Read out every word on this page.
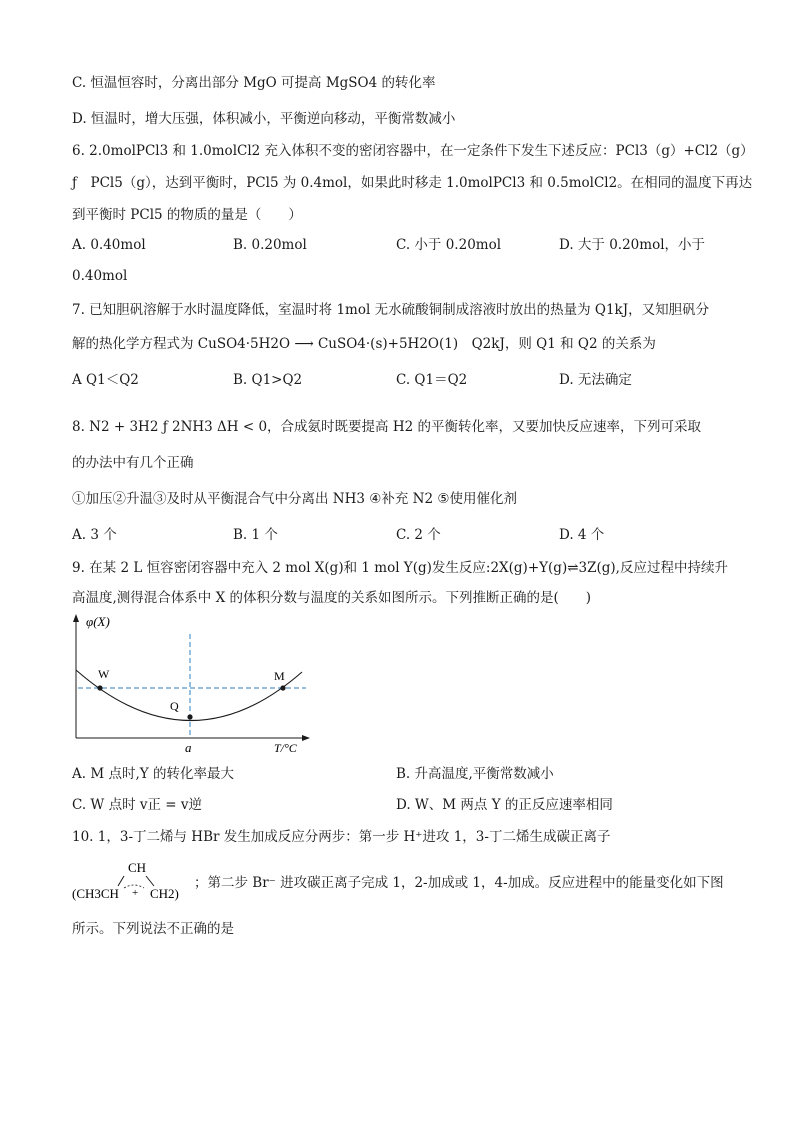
C. 恒温恒容时，分离出部分 MgO 可提高 MgSO4 的转化率
D. 恒温时，增大压强，体积减小，平衡逆向移动，平衡常数减小
6. 2.0molPCl3 和 1.0molCl2 充入体积不变的密闭容器中，在一定条件下发生下述反应：PCl3（g）+Cl2（g）
ƒ　PCl5（g），达到平衡时，PCl5 为 0.4mol，如果此时移走 1.0molPCl3 和 0.5molCl2。在相同的温度下再达
到平衡时 PCl5 的物质的量是（　　）
A. 0.40mol	B. 0.20mol	C. 小于 0.20mol	D. 大于 0.20mol，小于
0.40mol
7. 已知胆矾溶解于水时温度降低，室温时将 1mol 无水硫酸铜制成溶液时放出的热量为 Q1kJ，又知胆矾分
解的热化学方程式为 CuSO4·5H2O ⟶ CuSO4·(s)+5H2O(1)　Q2kJ，则 Q1 和 Q2 的关系为
A Q1＜Q2	B. Q1>Q2	C. Q1＝Q2	D. 无法确定
8. N2 + 3H2 ƒ 2NH3 ΔH < 0，合成氨时既要提高 H2 的平衡转化率，又要加快反应速率，下列可采取
的办法中有几个正确
①加压②升温③及时从平衡混合气中分离出 NH3 ④补充 N2 ⑤使用催化剂
A. 3 个	B. 1 个	C. 2 个	D. 4 个
9. 在某 2 L 恒容密闭容器中充入 2 mol X(g)和 1 mol Y(g)发生反应:2X(g)+Y(g)⇌3Z(g),反应过程中持续升
高温度,测得混合体系中 X 的体积分数与温度的关系如图所示。下列推断正确的是(　　)
φ(X)
W
Q
M
a	T/°C
A. M 点时,Y 的转化率最大	B. 升高温度,平衡常数减小
C. W 点时 v正 = v逆	D. W、M 两点 Y 的正反应速率相同
10. 1，3-丁二烯与 HBr 发生加成反应分两步：第一步 H⁺进攻 1，3-丁二烯生成碳正离子
CH
(CH3CH + CH2)
；第二步 Br⁻ 进攻碳正离子完成 1，2-加成或 1，4-加成。反应进程中的能量变化如下图
所示。下列说法不正确的是
